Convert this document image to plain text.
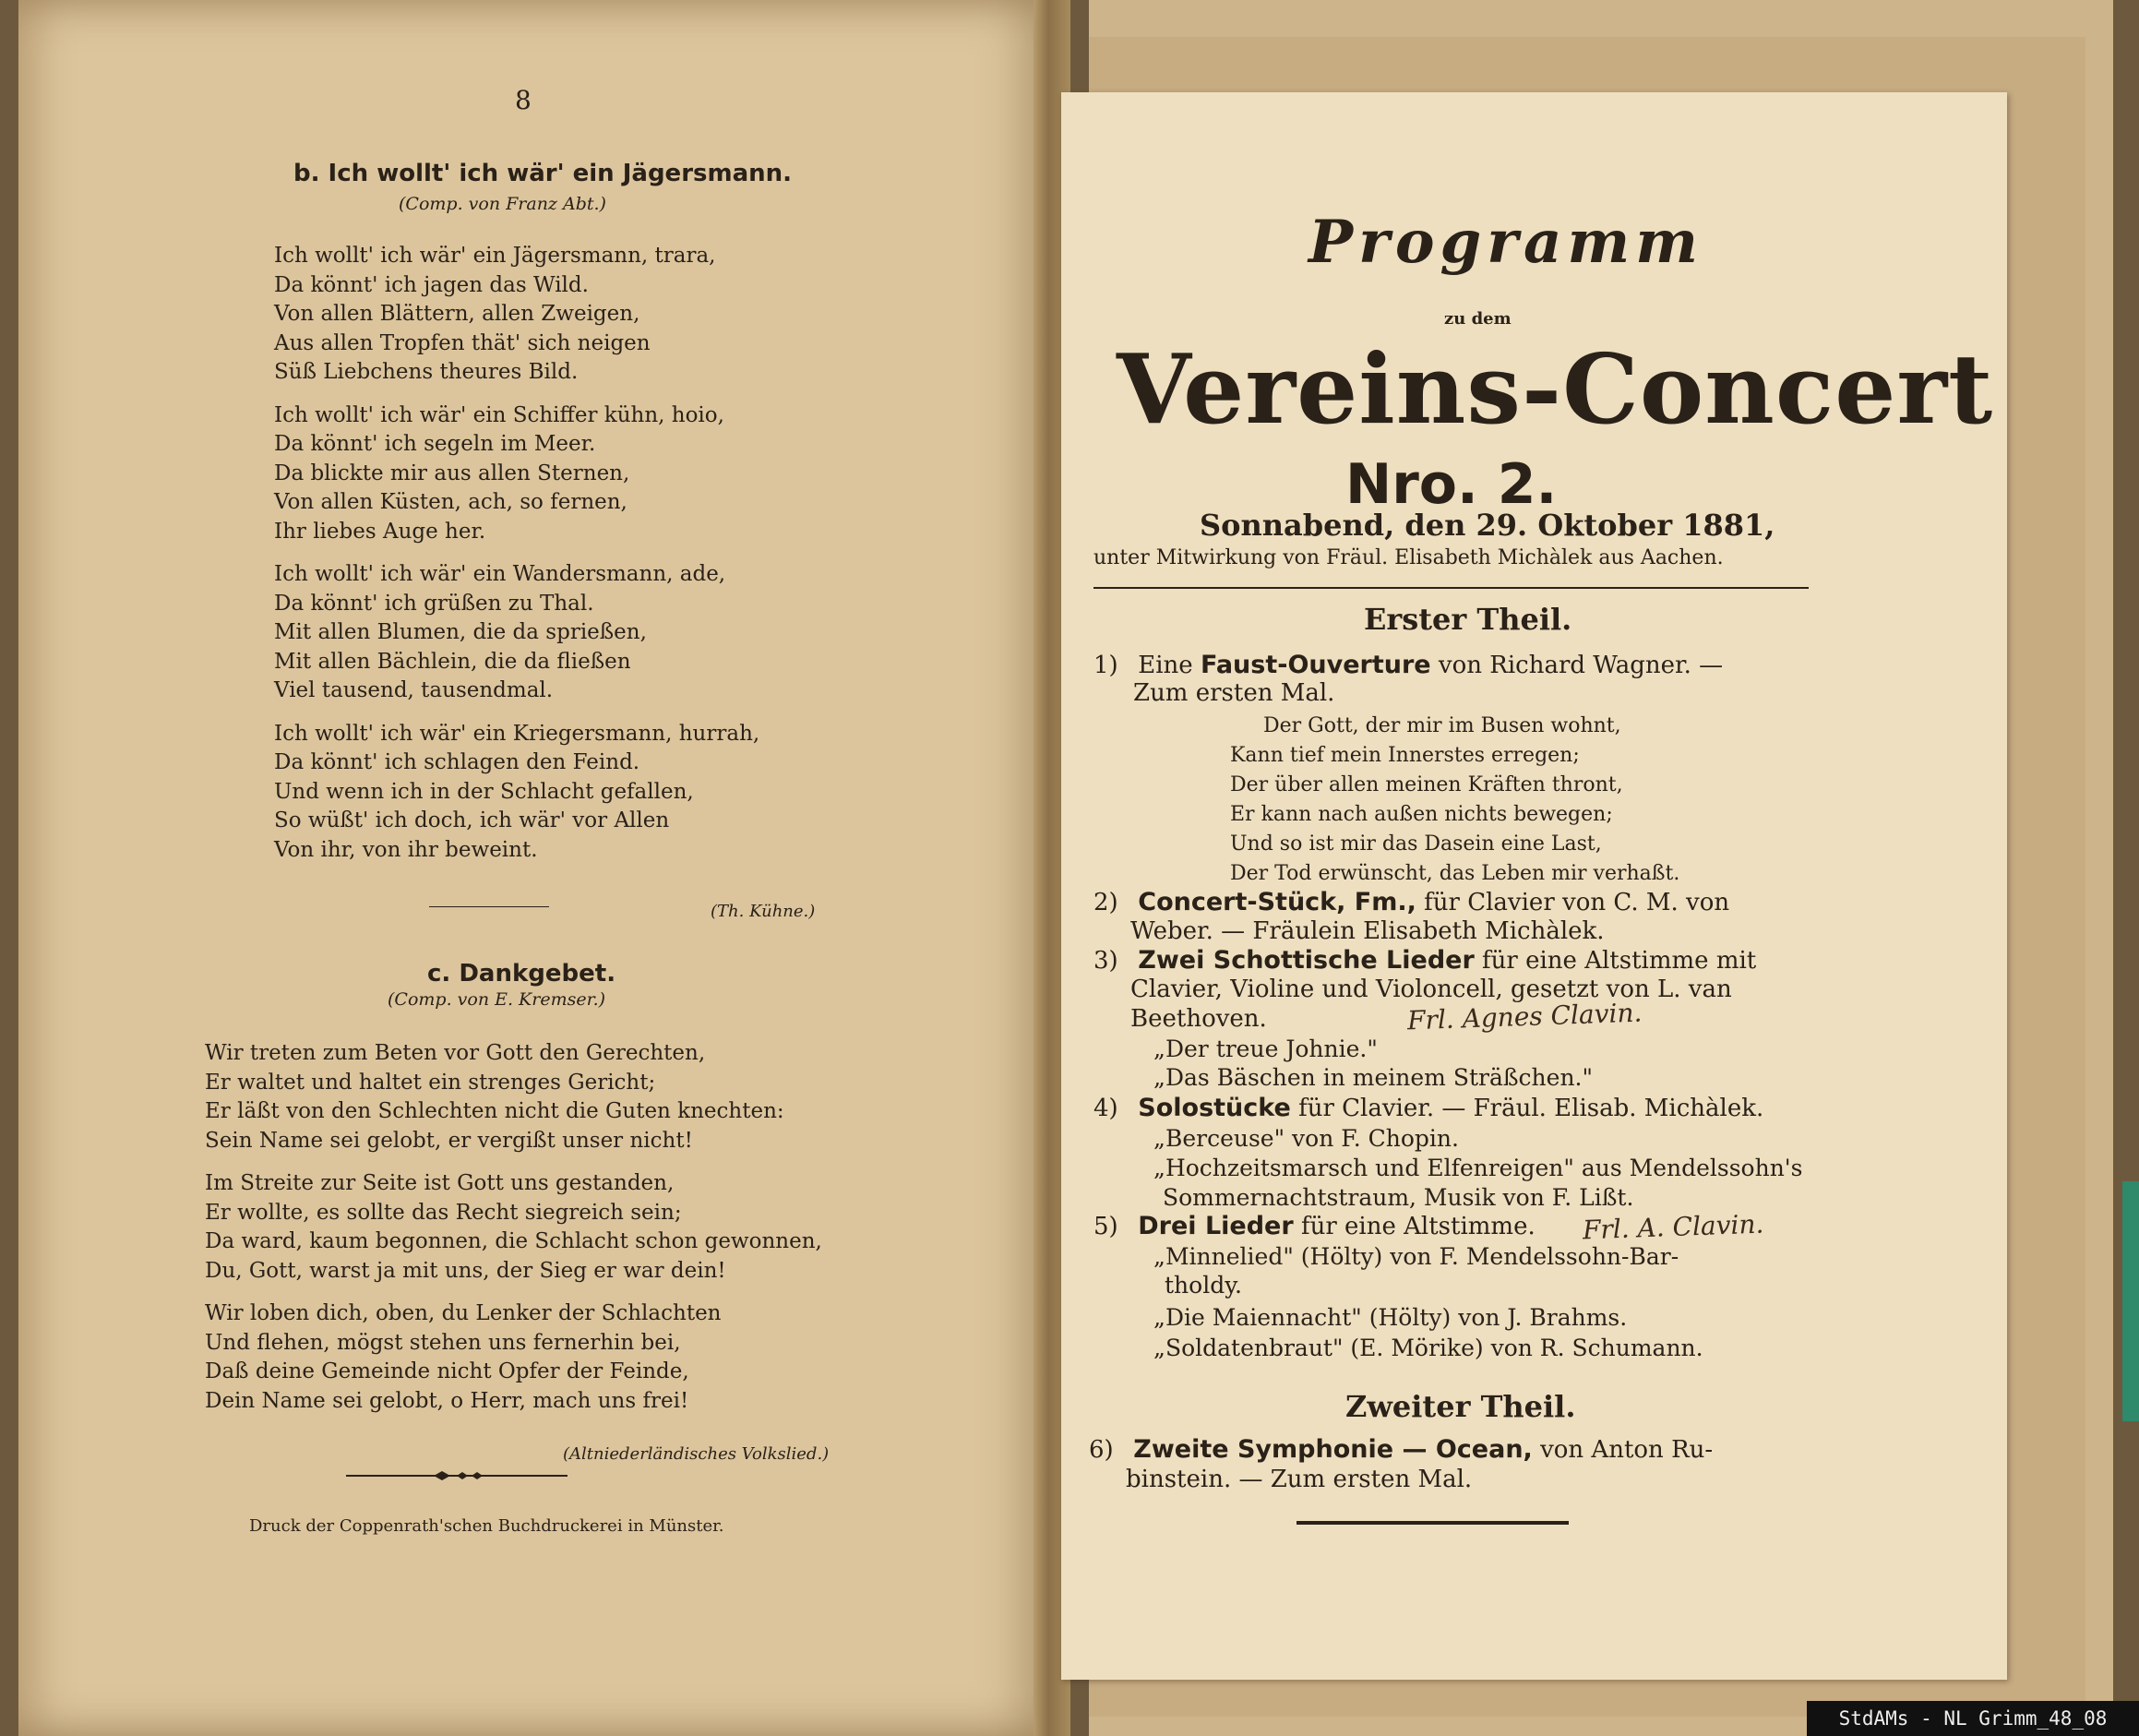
8
b. Ich wollt' ich wär' ein Jägersmann.
(Comp. von Franz Abt.)
Ich wollt' ich wär' ein Jägersmann, trara,
Da könnt' ich jagen das Wild.
Von allen Blättern, allen Zweigen,
Aus allen Tropfen thät' sich neigen
Süß Liebchens theures Bild.
Ich wollt' ich wär' ein Schiffer kühn, hoio,
Da könnt' ich segeln im Meer.
Da blickte mir aus allen Sternen,
Von allen Küsten, ach, so fernen,
Ihr liebes Auge her.
Ich wollt' ich wär' ein Wandersmann, ade,
Da könnt' ich grüßen zu Thal.
Mit allen Blumen, die da sprießen,
Mit allen Bächlein, die da fließen
Viel tausend, tausendmal.
Ich wollt' ich wär' ein Kriegersmann, hurrah,
Da könnt' ich schlagen den Feind.
Und wenn ich in der Schlacht gefallen,
So wüßt' ich doch, ich wär' vor Allen
Von ihr, von ihr beweint.
(Th. Kühne.)
c. Dankgebet.
(Comp. von E. Kremser.)
Wir treten zum Beten vor Gott den Gerechten,
Er waltet und haltet ein strenges Gericht;
Er läßt von den Schlechten nicht die Guten knechten:
Sein Name sei gelobt, er vergißt unser nicht!
Im Streite zur Seite ist Gott uns gestanden,
Er wollte, es sollte das Recht siegreich sein;
Da ward, kaum begonnen, die Schlacht schon gewonnen,
Du, Gott, warst ja mit uns, der Sieg er war dein!
Wir loben dich, oben, du Lenker der Schlachten
Und flehen, mögst stehen uns fernerhin bei,
Daß deine Gemeinde nicht Opfer der Feinde,
Dein Name sei gelobt, o Herr, mach uns frei!
(Altniederländisches Volkslied.)
Druck der Coppenrath'schen Buchdruckerei in Münster.
Programm
zu dem
Vereins-Concert
Nro. 2.
Sonnabend, den 29. Oktober 1881,
unter Mitwirkung von Fräul. Elisabeth Michàlek aus Aachen.
Erster Theil.
1) Eine Faust-Ouverture von Richard Wagner. —
Zum ersten Mal.
Der Gott, der mir im Busen wohnt,
Kann tief mein Innerstes erregen;
Der über allen meinen Kräften thront,
Er kann nach außen nichts bewegen;
Und so ist mir das Dasein eine Last,
Der Tod erwünscht, das Leben mir verhaßt.
2) Concert-Stück, Fm., für Clavier von C. M. von
Weber. — Fräulein Elisabeth Michàlek.
3) Zwei Schottische Lieder für eine Altstimme mit
Clavier, Violine und Violoncell, gesetzt von L. van
Beethoven.	Frl. Agnes Clavin.
„Der treue Johnie."
„Das Bäschen in meinem Sträßchen."
4) Solostücke für Clavier. — Fräul. Elisab. Michàlek.
„Berceuse" von F. Chopin.
„Hochzeitsmarsch und Elfenreigen" aus Mendelssohn's
Sommernachtstraum, Musik von F. Lißt.
5) Drei Lieder für eine Altstimme. Frl. A. Clavin.
„Minnelied" (Hölty) von F. Mendelssohn-Bar-
tholdy.
„Die Maiennacht" (Hölty) von J. Brahms.
„Soldatenbraut" (E. Mörike) von R. Schumann.
Zweiter Theil.
6) Zweite Symphonie — Ocean, von Anton Ru-
binstein. — Zum ersten Mal.
StdAMs - NL Grimm_48_08
